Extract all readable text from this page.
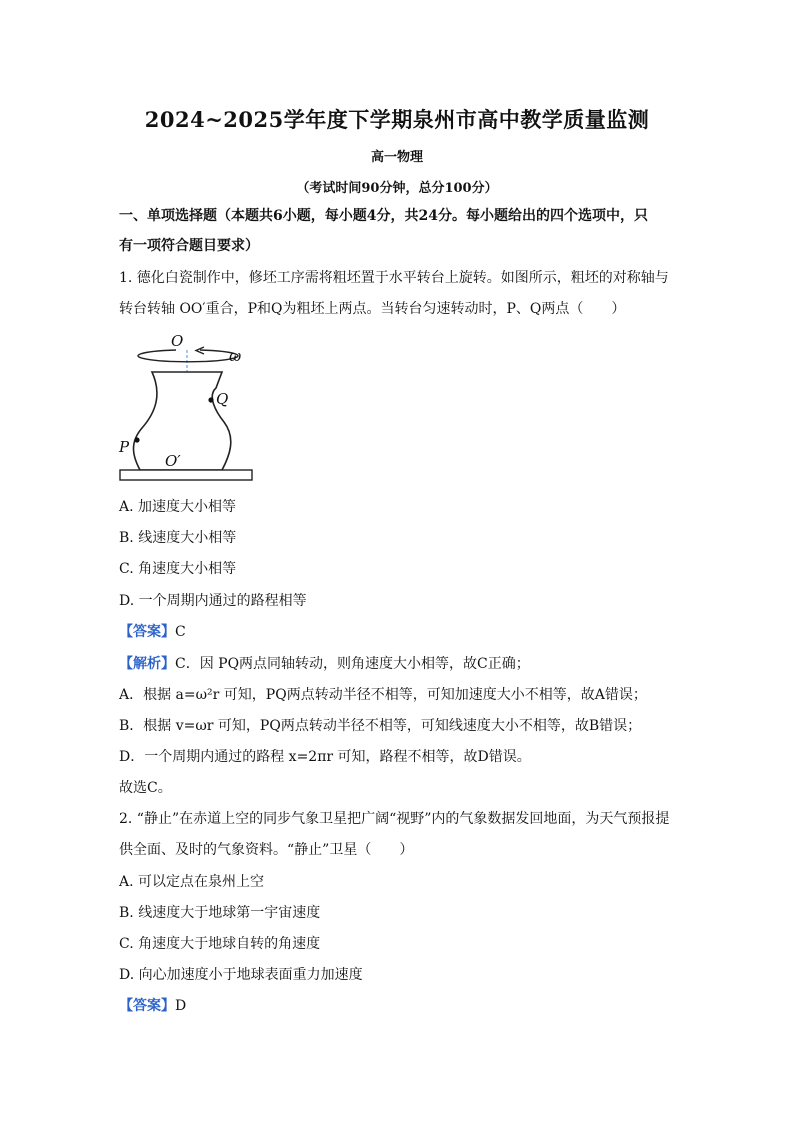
2024~2025学年度下学期泉州市高中教学质量监测
高一物理
（考试时间90分钟，总分100分）
一、单项选择题（本题共6小题，每小题4分，共24分。每小题给出的四个选项中，只
有一项符合题目要求）
1. 德化白瓷制作中，修坯工序需将粗坯置于水平转台上旋转。如图所示，粗坯的对称轴与
转台转轴 OO′重合，P和Q为粗坯上两点。当转台匀速转动时，P、Q两点（　　）
O
ω
Q
P
O′
A. 加速度大小相等
B. 线速度大小相等
C. 角速度大小相等
D. 一个周期内通过的路程相等
【答案】C
【解析】C．因 PQ两点同轴转动，则角速度大小相等，故C正确；
A．根据 a=ω²r 可知，PQ两点转动半径不相等，可知加速度大小不相等，故A错误；
B．根据 v=ωr 可知，PQ两点转动半径不相等，可知线速度大小不相等，故B错误；
D．一个周期内通过的路程 x=2πr 可知，路程不相等，故D错误。
故选C。
2. “静止”在赤道上空的同步气象卫星把广阔“视野”内的气象数据发回地面，为天气预报提
供全面、及时的气象资料。“静止”卫星（　　）
A. 可以定点在泉州上空
B. 线速度大于地球第一宇宙速度
C. 角速度大于地球自转的角速度
D. 向心加速度小于地球表面重力加速度
【答案】D
